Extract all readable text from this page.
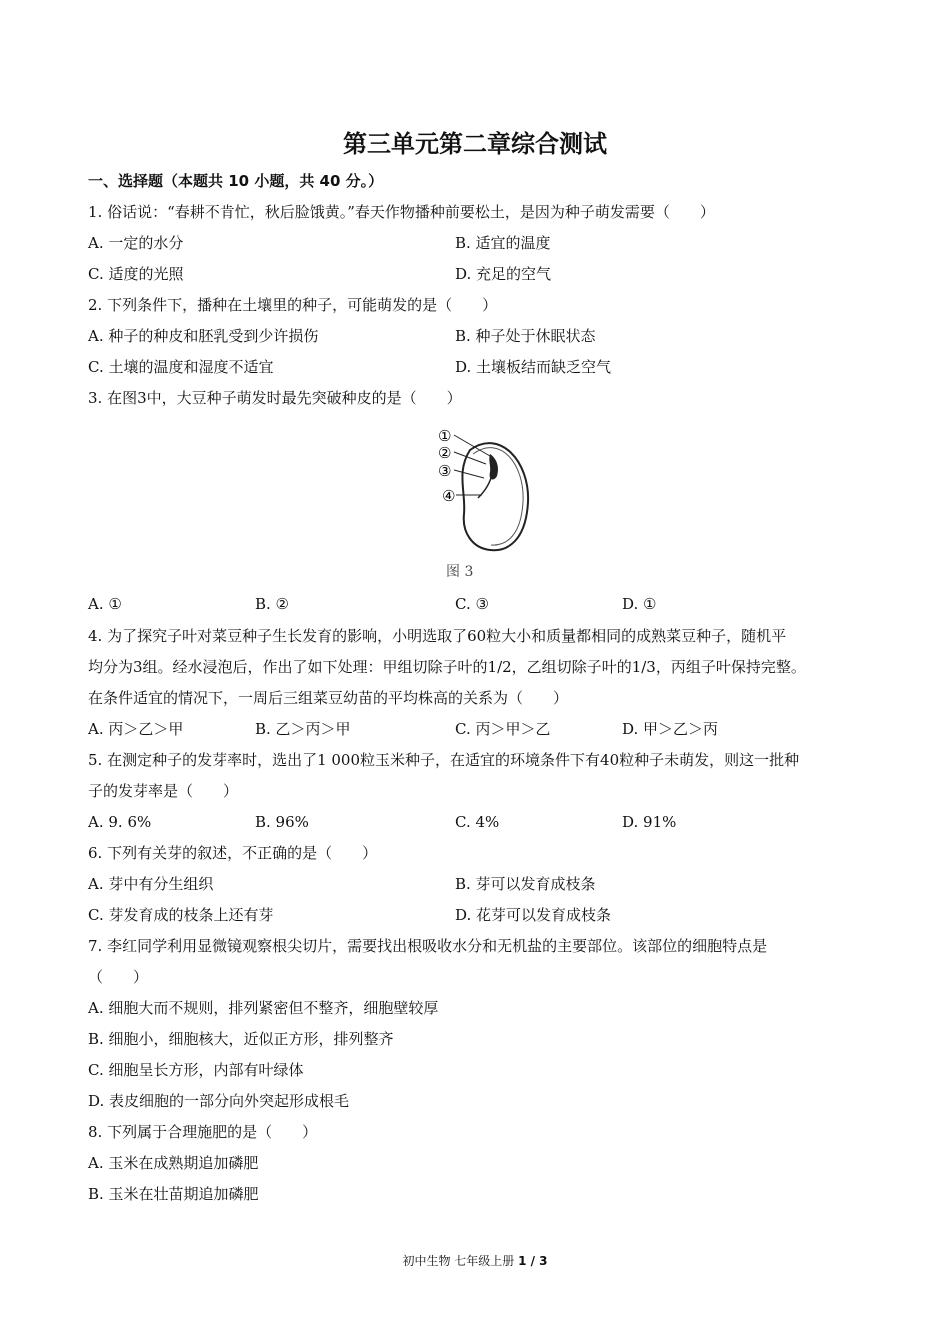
第三单元第二章综合测试
一、选择题（本题共 10 小题，共 40 分。）
1. 俗话说：“春耕不肯忙，秋后脸饿黄。”春天作物播种前要松土，是因为种子萌发需要（　　）
A. 一定的水分	B. 适宜的温度
C. 适度的光照	D. 充足的空气
2. 下列条件下，播种在土壤里的种子，可能萌发的是（　　）
A. 种子的种皮和胚乳受到少许损伤	B. 种子处于休眠状态
C. 土壤的温度和湿度不适宜	D. 土壤板结而缺乏空气
3. 在图3中，大豆种子萌发时最先突破种皮的是（　　）
①
②
③
④
图 3
A. ①	B. ②	C. ③	D. ①
4. 为了探究子叶对菜豆种子生长发育的影响，小明选取了60粒大小和质量都相同的成熟菜豆种子，随机平
均分为3组。经水浸泡后，作出了如下处理：甲组切除子叶的1/2，乙组切除子叶的1/3，丙组子叶保持完整。
在条件适宜的情况下，一周后三组菜豆幼苗的平均株高的关系为（　　）
A. 丙＞乙＞甲	B. 乙＞丙＞甲	C. 丙＞甲＞乙	D. 甲＞乙＞丙
5. 在测定种子的发芽率时，选出了1 000粒玉米种子，在适宜的环境条件下有40粒种子未萌发，则这一批种
子的发芽率是（　　）
A. 9. 6%	B. 96%	C. 4%	D. 91%
6. 下列有关芽的叙述，不正确的是（　　）
A. 芽中有分生组织	B. 芽可以发育成枝条
C. 芽发育成的枝条上还有芽	D. 花芽可以发育成枝条
7. 李红同学利用显微镜观察根尖切片，需要找出根吸收水分和无机盐的主要部位。该部位的细胞特点是
（　　）
A. 细胞大而不规则，排列紧密但不整齐，细胞壁较厚
B. 细胞小，细胞核大，近似正方形，排列整齐
C. 细胞呈长方形，内部有叶绿体
D. 表皮细胞的一部分向外突起形成根毛
8. 下列属于合理施肥的是（　　）
A. 玉米在成熟期追加磷肥
B. 玉米在壮苗期追加磷肥
初中生物 七年级上册 1 / 3
